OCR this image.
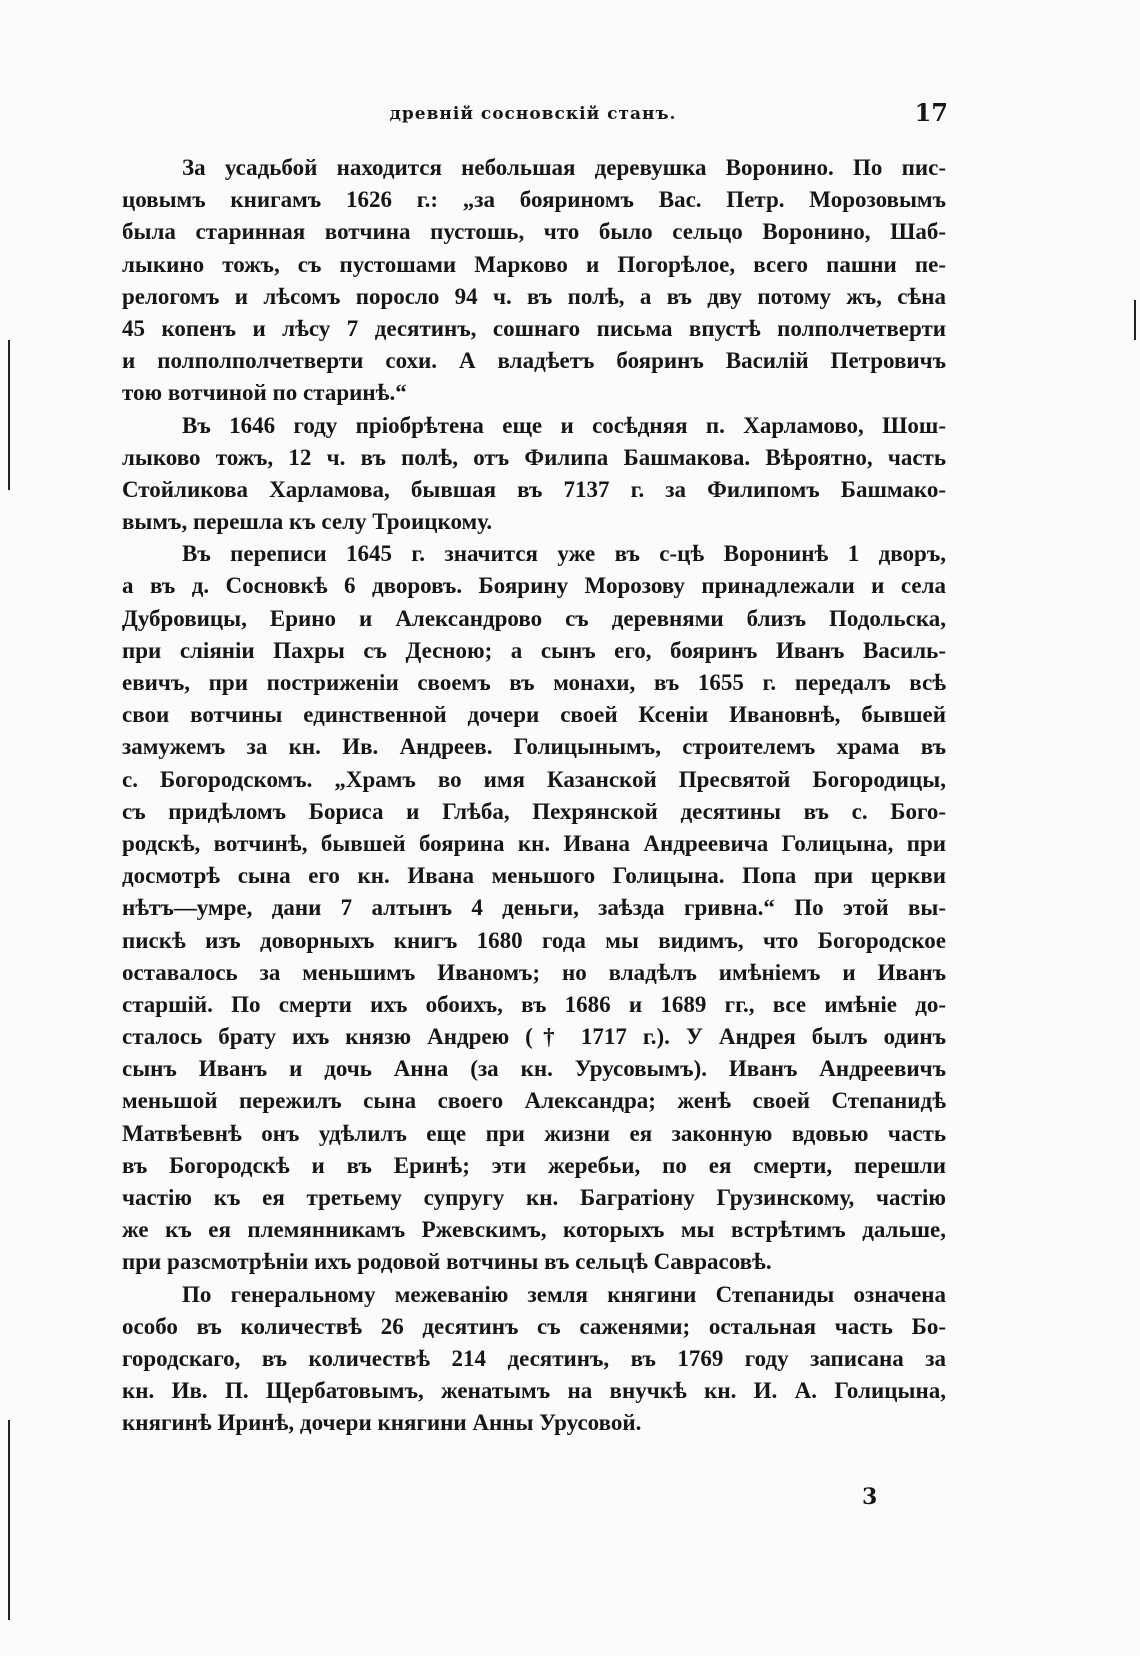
древній сосновскій станъ.	17
За усадьбой находится небольшая деревушка Воронино. По пис-
цовымъ книгамъ 1626 г.: „за бояриномъ Вас. Петр. Морозовымъ
была старинная вотчина пустошь, что было сельцо Воронино, Шаб-
лыкино тожъ, съ пустошами Марково и Погорѣлое, всего пашни пе-
релогомъ и лѣсомъ поросло 94 ч. въ полѣ, а въ дву потому жъ, сѣна
45 копенъ и лѣсу 7 десятинъ, сошнаго письма впустѣ полполчетверти
и полполполчетверти сохи. А владѣетъ бояринъ Василій Петровичъ
тою вотчиной по старинѣ.“
Въ 1646 году пріобрѣтена еще и сосѣдняя п. Харламово, Шош-
лыково тожъ, 12 ч. въ полѣ, отъ Филипа Башмакова. Вѣроятно, часть
Стойликова Харламова, бывшая въ 7137 г. за Филипомъ Башмако-
вымъ, перешла къ селу Троицкому.
Въ переписи 1645 г. значится уже въ с-цѣ Воронинѣ 1 дворъ,
а въ д. Сосновкѣ 6 дворовъ. Боярину Морозову принадлежали и села
Дубровицы, Ерино и Александрово съ деревнями близъ Подольска,
при сліяніи Пахры съ Десною; а сынъ его, бояринъ Иванъ Василь-
евичъ, при постриженіи своемъ въ монахи, въ 1655 г. передалъ всѣ
свои вотчины единственной дочери своей Ксеніи Ивановнѣ, бывшей
замужемъ за кн. Ив. Андреев. Голицынымъ, строителемъ храма въ
с. Богородскомъ. „Храмъ во имя Казанской Пресвятой Богородицы,
съ придѣломъ Бориса и Глѣба, Пехрянской десятины въ с. Бого-
родскѣ, вотчинѣ, бывшей боярина кн. Ивана Андреевича Голицына, при
досмотрѣ сына его кн. Ивана меньшого Голицына. Попа при церкви
нѣтъ—умре, дани 7 алтынъ 4 деньги, заѣзда гривна.“ По этой вы-
пискѣ изъ доворныхъ книгъ 1680 года мы видимъ, что Богородское
оставалось за меньшимъ Иваномъ; но владѣлъ имѣніемъ и Иванъ
старшій. По смерти ихъ обоихъ, въ 1686 и 1689 гг., все имѣніе до-
сталось брату ихъ князю Андрею († 1717 г.). У Андрея былъ одинъ
сынъ Иванъ и дочь Анна (за кн. Урусовымъ). Иванъ Андреевичъ
меньшой пережилъ сына своего Александра; женѣ своей Степанидѣ
Матвѣевнѣ онъ удѣлилъ еще при жизни ея законную вдовью часть
въ Богородскѣ и въ Еринѣ; эти жеребьи, по ея смерти, перешли
частію къ ея третьему супругу кн. Багратіону Грузинскому, частію
же къ ея племянникамъ Ржевскимъ, которыхъ мы встрѣтимъ дальше,
при разсмотрѣніи ихъ родовой вотчины въ сельцѣ Саврасовѣ.
По генеральному межеванію земля княгини Степаниды означена
особо въ количествѣ 26 десятинъ съ саженями; остальная часть Бо-
городскаго, въ количествѣ 214 десятинъ, въ 1769 году записана за
кн. Ив. П. Щербатовымъ, женатымъ на внучкѣ кн. И. А. Голицына,
княгинѣ Иринѣ, дочери княгини Анны Урусовой.
3
